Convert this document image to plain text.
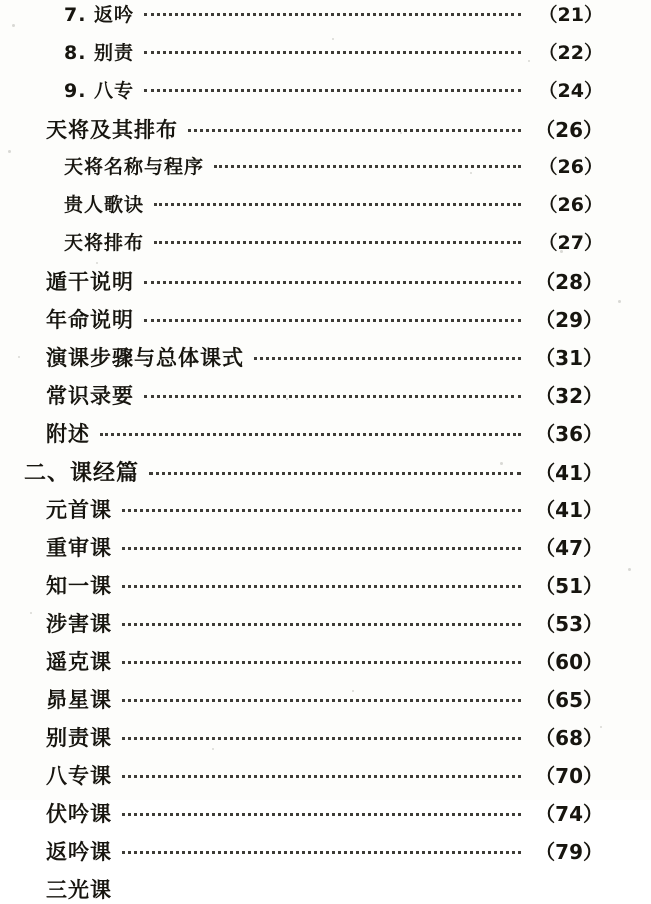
7. 返吟	（21）
8. 别责	（22）
9. 八专	（24）
天将及其排布	（26）
天将名称与程序	（26）
贵人歌诀	（26）
天将排布	（27）
遁干说明	（28）
年命说明	（29）
演课步骤与总体课式	（31）
常识录要	（32）
附述	（36）
二、课经篇	（41）
元首课	（41）
重审课	（47）
知一课	（51）
涉害课	（53）
遥克课	（60）
昴星课	（65）
别责课	（68）
八专课	（70）
伏吟课	（74）
返吟课	（79）
三光课
